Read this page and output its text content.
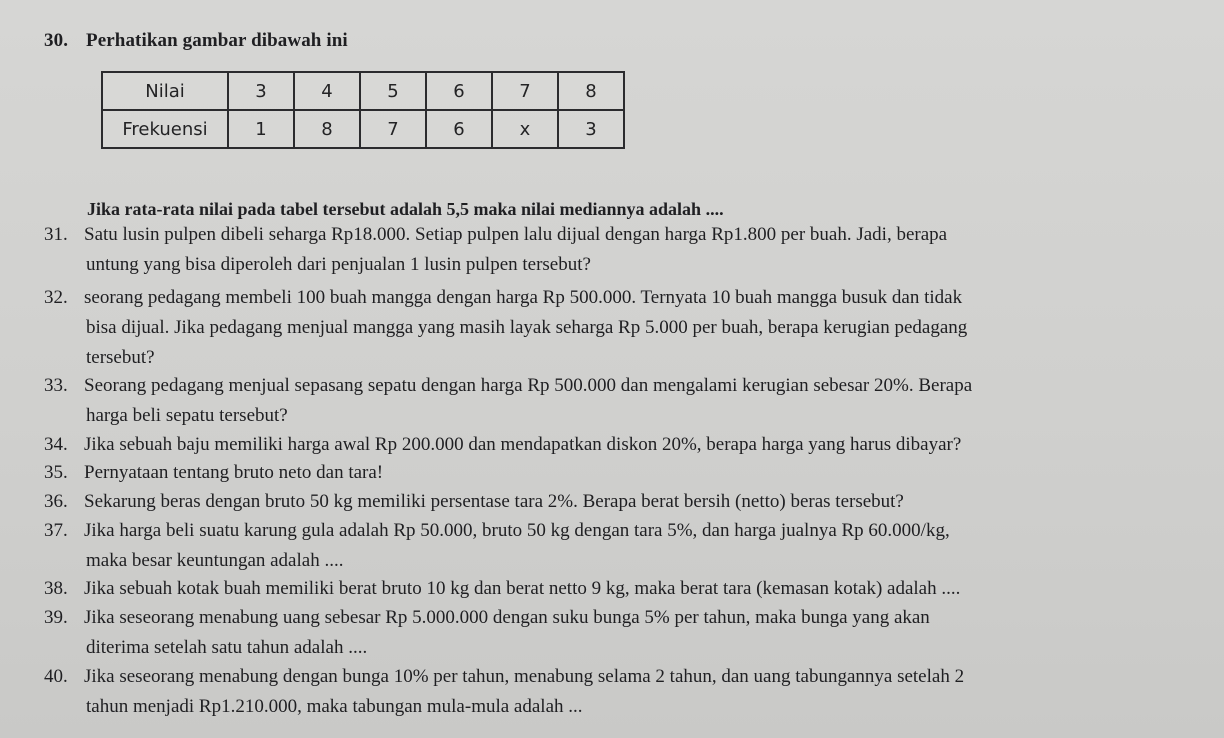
30. Perhatikan gambar dibawah ini
Nilai	3	4	5	6	7	8
Frekuensi	1	8	7	6	x	3
Jika rata-rata nilai pada tabel tersebut adalah 5,5 maka nilai mediannya adalah ....
31. Satu lusin pulpen dibeli seharga Rp18.000. Setiap pulpen lalu dijual dengan harga Rp1.800 per buah. Jadi, berapa
untung yang bisa diperoleh dari penjualan 1 lusin pulpen tersebut?
32. seorang pedagang membeli 100 buah mangga dengan harga Rp 500.000. Ternyata 10 buah mangga busuk dan tidak
bisa dijual. Jika pedagang menjual mangga yang masih layak seharga Rp 5.000 per buah, berapa kerugian pedagang
tersebut?
33. Seorang pedagang menjual sepasang sepatu dengan harga Rp 500.000 dan mengalami kerugian sebesar 20%. Berapa
harga beli sepatu tersebut?
34. Jika sebuah baju memiliki harga awal Rp 200.000 dan mendapatkan diskon 20%, berapa harga yang harus dibayar?
35. Pernyataan tentang bruto neto dan tara!
36. Sekarung beras dengan bruto 50 kg memiliki persentase tara 2%. Berapa berat bersih (netto) beras tersebut?
37. Jika harga beli suatu karung gula adalah Rp 50.000, bruto 50 kg dengan tara 5%, dan harga jualnya Rp 60.000/kg,
maka besar keuntungan adalah ....
38. Jika sebuah kotak buah memiliki berat bruto 10 kg dan berat netto 9 kg, maka berat tara (kemasan kotak) adalah ....
39. Jika seseorang menabung uang sebesar Rp 5.000.000 dengan suku bunga 5% per tahun, maka bunga yang akan
diterima setelah satu tahun adalah ....
40. Jika seseorang menabung dengan bunga 10% per tahun, menabung selama 2 tahun, dan uang tabungannya setelah 2
tahun menjadi Rp1.210.000, maka tabungan mula-mula adalah ...
